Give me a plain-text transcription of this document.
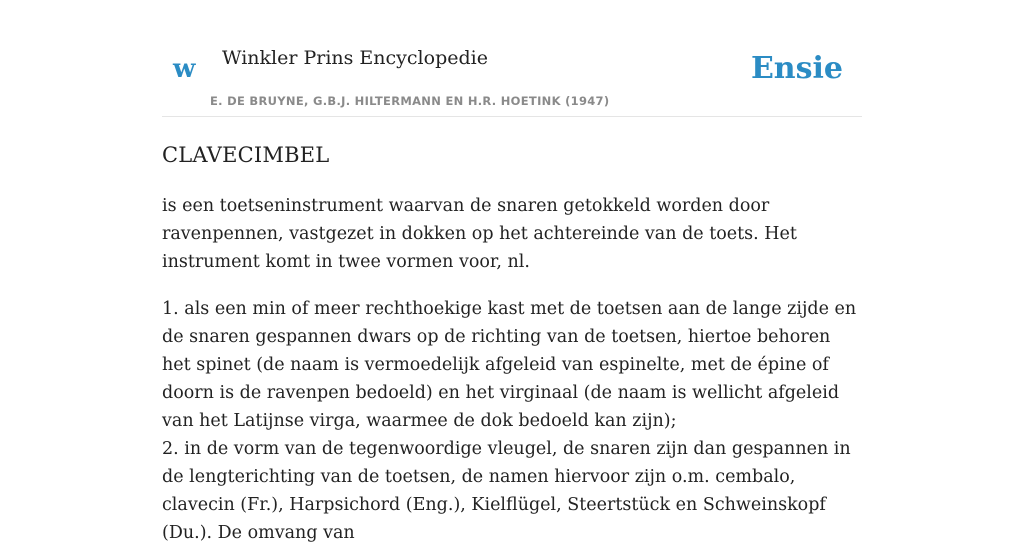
w Winkler Prins Encyclopedie
E. DE BRUYNE, G.B.J. HILTERMANN EN H.R. HOETINK (1947)
Ensie
CLAVECIMBEL

is een toetseninstrument waarvan de snaren getokkeld worden door ravenpennen, vastgezet in dokken op het achtereinde van de toets. Het instrument komt in twee vormen voor, nl.

1. als een min of meer rechthoekige kast met de toetsen aan de lange zijde en de snaren gespannen dwars op de richting van de toetsen, hiertoe behoren het spinet (de naam is vermoedelijk afgeleid van espinelte, met de épine of doorn is de ravenpen bedoeld) en het virginaal (de naam is wellicht afgeleid van het Latijnse virga, waarmee de dok bedoeld kan zijn);

2. in de vorm van de tegenwoordige vleugel, de snaren zijn dan gespannen in de lengterichting van de toetsen, de namen hiervoor zijn o.m. cembalo, clavecin (Fr.), Harpsichord (Eng.), Kielflügel, Steertstück en Schweinskopf (Du.). De omvang van
